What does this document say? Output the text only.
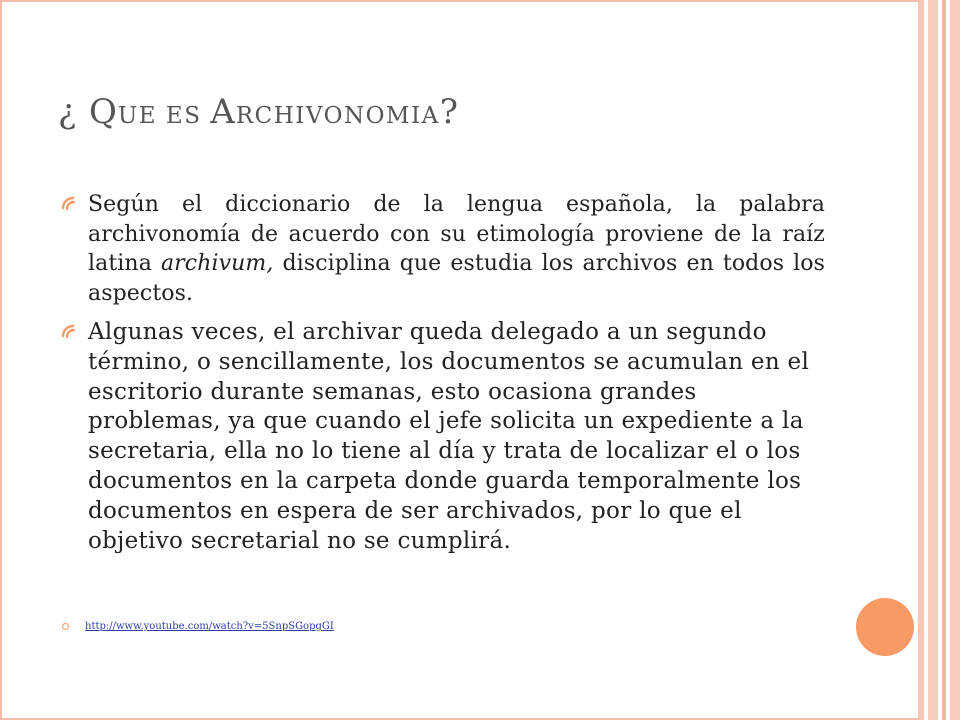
¿ QUE ES ARCHIVONOMIA?
Según el diccionario de la lengua española, la palabra archivonomía de acuerdo con su etimología proviene de la raíz latina archivum, disciplina que estudia los archivos en todos los aspectos.
Algunas veces, el archivar queda delegado a un segundo término, o sencillamente, los documentos se acumulan en el escritorio durante semanas, esto ocasiona grandes problemas, ya que cuando el jefe solicita un expediente a la secretaria, ella no lo tiene al día y trata de localizar el o los documentos en la carpeta donde guarda temporalmente los documentos en espera de ser archivados, por lo que el objetivo secretarial no se cumplirá.
http://www.youtube.com/watch?v=5SnpSGopgGI
